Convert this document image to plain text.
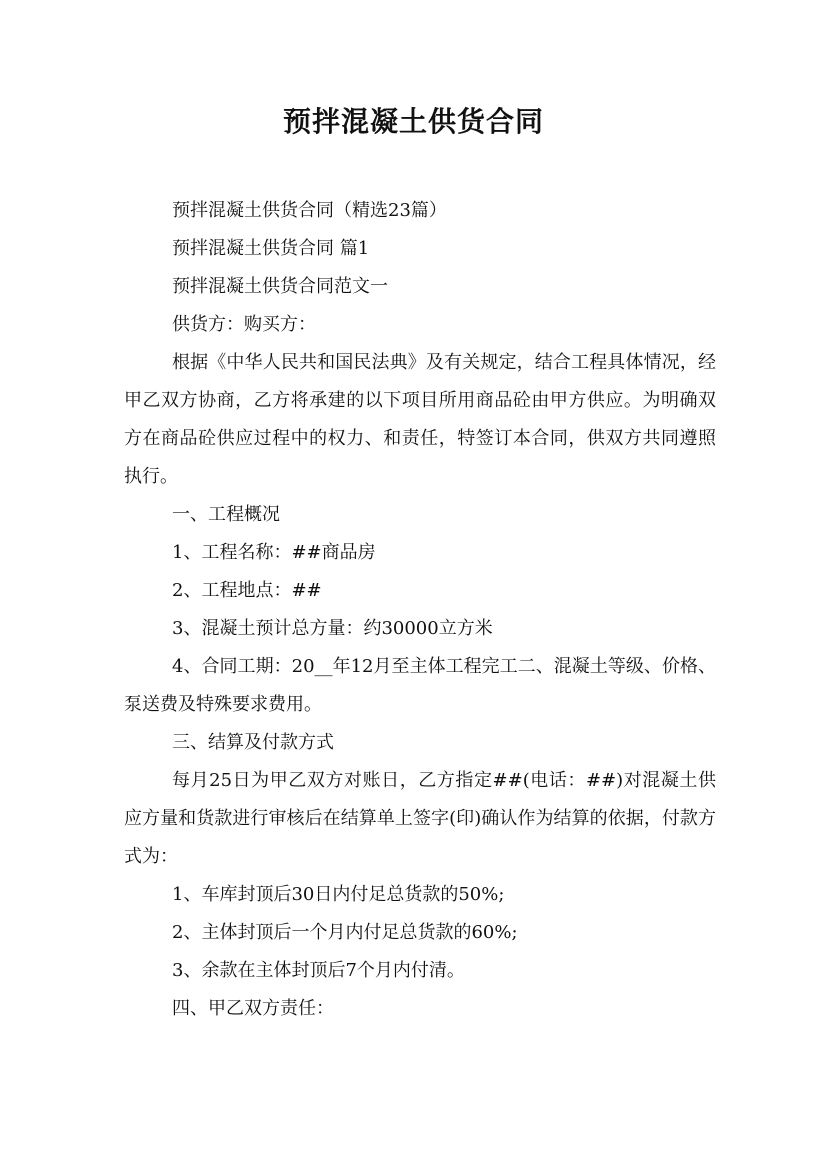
预拌混凝土供货合同

预拌混凝土供货合同（精选23篇）

预拌混凝土供货合同 篇1

预拌混凝土供货合同范文一

供货方：购买方：

根据《中华人民共和国民法典》及有关规定，结合工程具体情况，经甲乙双方协商，乙方将承建的以下项目所用商品砼由甲方供应。为明确双方在商品砼供应过程中的权力、和责任，特签订本合同，供双方共同遵照执行。

一、工程概况

1、工程名称：##商品房

2、工程地点：##

3、混凝土预计总方量：约30000立方米

4、合同工期：20__年12月至主体工程完工二、混凝土等级、价格、泵送费及特殊要求费用。

三、结算及付款方式

每月25日为甲乙双方对账日，乙方指定##(电话：##)对混凝土供应方量和货款进行审核后在结算单上签字(印)确认作为结算的依据，付款方式为：

1、车库封顶后30日内付足总货款的50%;

2、主体封顶后一个月内付足总货款的60%;

3、余款在主体封顶后7个月内付清。

四、甲乙双方责任：
